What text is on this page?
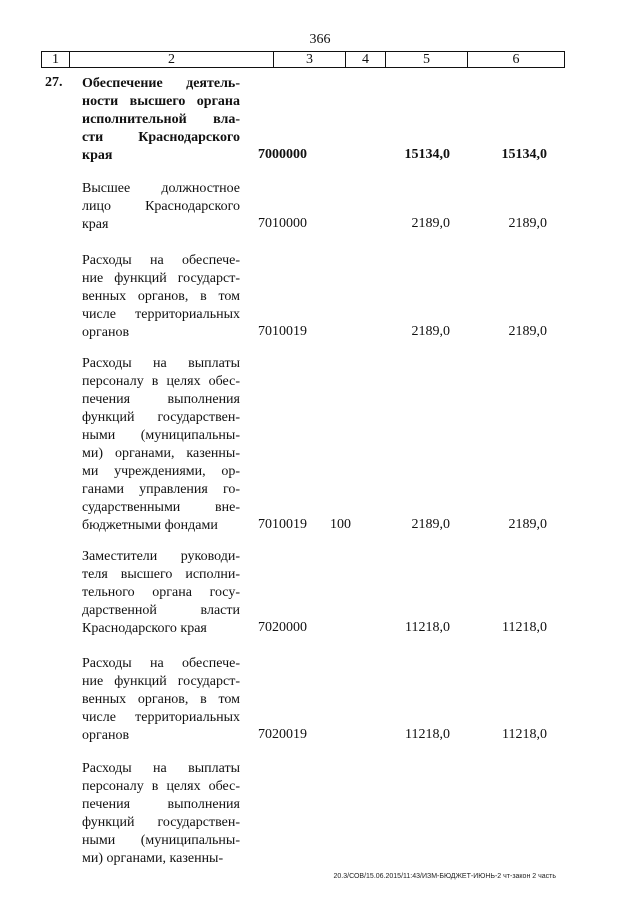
366
1	2	3	4	5	6
27. Обеспечение деятель-
ности высшего органа
исполнительной вла-
сти Краснодарского
края	7000000	15134,0	15134,0
Высшее должностное
лицо Краснодарского
края	7010000	2189,0	2189,0
Расходы на обеспече-
ние функций государст-
венных органов, в том
числе территориальных
органов	7010019	2189,0	2189,0
Расходы на выплаты
персоналу в целях обес-
печения выполнения
функций государствен-
ными (муниципальны-
ми) органами, казенны-
ми учреждениями, ор-
ганами управления го-
сударственными вне-
бюджетными фондами	7010019 100	2189,0	2189,0
Заместители руководи-
теля высшего исполни-
тельного органа госу-
дарственной власти
Краснодарского края	7020000	11218,0	11218,0
Расходы на обеспече-
ние функций государст-
венных органов, в том
числе территориальных
органов	7020019	11218,0	11218,0
Расходы на выплаты
персоналу в целях обес-
печения выполнения
функций государствен-
ными (муниципальны-
ми) органами, казенны-
20.3/СОВ/15.06.2015/11:43/ИЗМ-БЮДЖЕТ-ИЮНЬ-2 чт-закон 2 часть
